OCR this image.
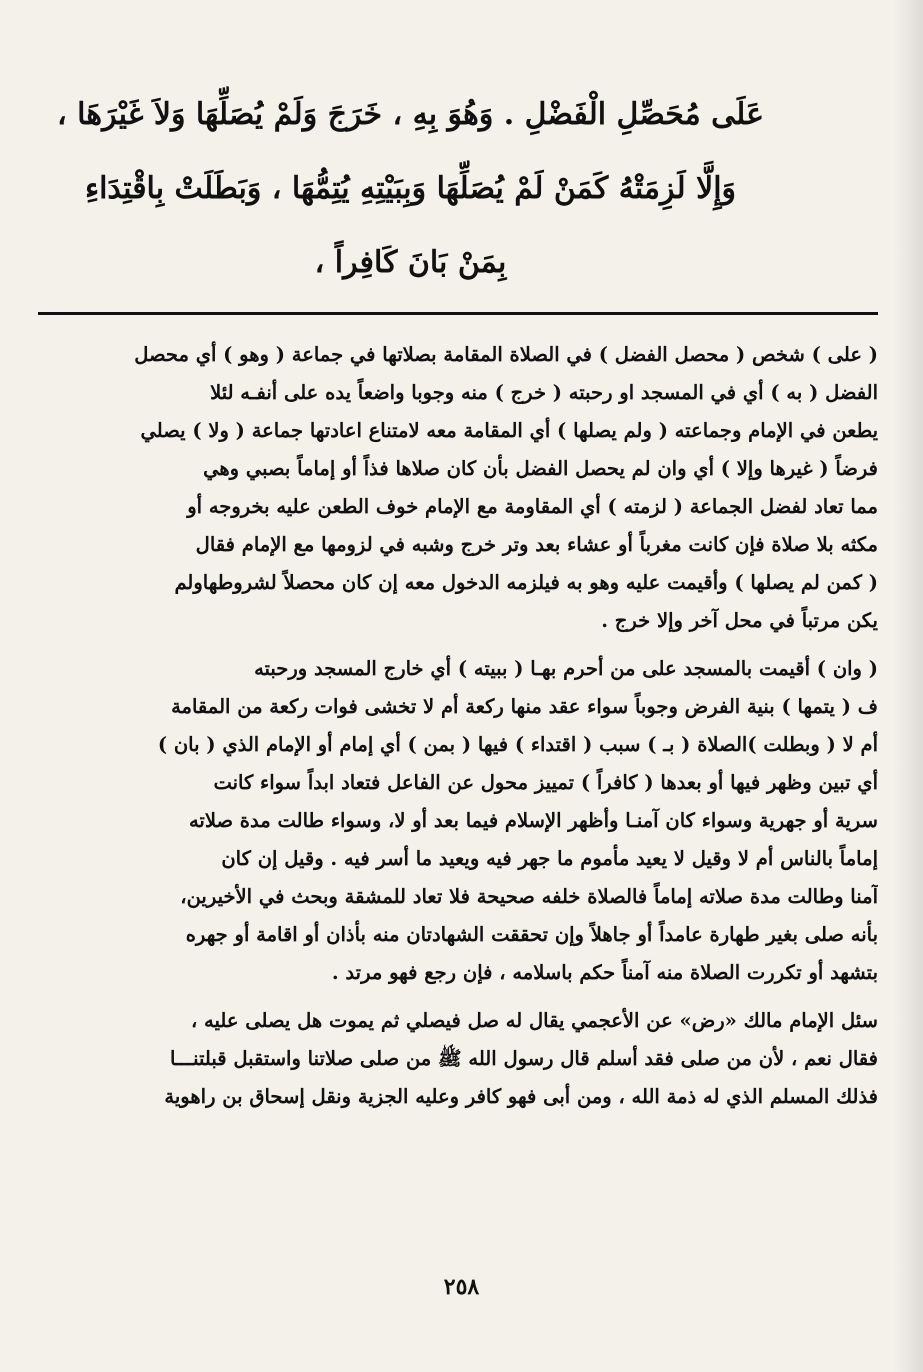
عَلَى مُحَصِّلِ الْفَضْلِ . وَهُوَ بِهِ ، خَرَجَ وَلَمْ يُصَلِّهَا وَلاَ غَيْرَهَا ،
وَإِلَّا لَزِمَتْهُ كَمَنْ لَمْ يُصَلِّهَا وَبِبَيْتِهِ يُتِمُّهَا ، وَبَطَلَتْ بِاقْتِدَاءِ
بِمَنْ بَانَ كَافِراً ،
( على ) شخص ( محصل الفضل ) في الصلاة المقامة بصلاتها في جماعة ( وهو ) أي محصل
الفضل ( به ) أي في المسجد او رحبته ( خرج ) منه وجوبا واضعاً يده على أنفـه لئلا
يطعن في الإمام وجماعته ( ولم يصلها ) أي المقامة معه لامتناع اعادتها جماعة ( ولا ) يصلي
فرضاً ( غيرها وإلا ) أي وان لم يحصل الفضل بأن كان صلاها فذاً أو إماماً بصبي وهي
مما تعاد لفضل الجماعة ( لزمته ) أي المقاومة مع الإمام خوف الطعن عليه بخروجه أو
مكثه بلا صلاة فإن كانت مغرباً أو عشاء بعد وتر خرج وشبه في لزومها مع الإمام فقال
( كمن لم يصلها ) وأقيمت عليه وهو به فيلزمه الدخول معه إن كان محصلاً لشروطهاولم
يكن مرتباً في محل آخر وإلا خرج .
( وان ) أقيمت بالمسجد على من أحرم بهـا ( ببيته ) أي خارج المسجد ورحبته
ف ( يتمها ) بنية الفرض وجوباً سواء عقد منها ركعة أم لا تخشى فوات ركعة من المقامة
أم لا ( وبطلت )الصلاة ( بـ ) سبب ( اقتداء ) فيها ( بمن ) أي إمام أو الإمام الذي ( بان )
أي تبين وظهر فيها أو بعدها ( كافراً ) تمييز محول عن الفاعل فتعاد ابداً سواء كانت
سرية أو جهرية وسواء كان آمنـا وأظهر الإسلام فيما بعد أو لا، وسواء طالت مدة صلاته
إماماً بالناس أم لا وقيل لا يعيد مأموم ما جهر فيه ويعيد ما أسر فيه . وقيل إن كان
آمنا وطالت مدة صلاته إماماً فالصلاة خلفه صحيحة فلا تعاد للمشقة وبحث في الأخيرين،
بأنه صلى بغير طهارة عامداً أو جاهلاً وإن تحققت الشهادتان منه بأذان أو اقامة أو جهره
بتشهد أو تكررت الصلاة منه آمناً حكم باسلامه ، فإن رجع فهو مرتد .
سئل الإمام مالك «رض» عن الأعجمي يقال له صل فيصلي ثم يموت هل يصلى عليه ،
فقال نعم ، لأن من صلى فقد أسلم قال رسول الله ﷺ من صلى صلاتنا واستقبل قبلتنـــا
فذلك المسلم الذي له ذمة الله ، ومن أبى فهو كافر وعليه الجزية ونقل إسحاق بن راهوية
٢٥٨
